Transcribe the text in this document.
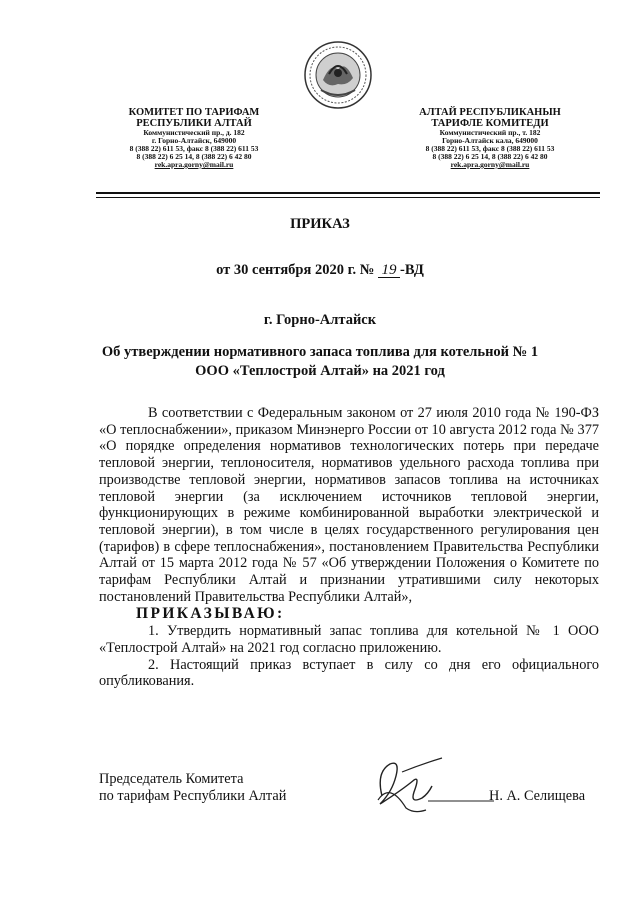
КОМИТЕТ ПО ТАРИФАМ
РЕСПУБЛИКИ АЛТАЙ
Коммунистический пр., д. 182
г. Горно-Алтайск, 649000
8 (388 22) 611 53, факс 8 (388 22) 611 53
8 (388 22) 6 25 14, 8 (388 22) 6 42 80
rek.apra.gorny@mail.ru
АЛТАЙ РЕСПУБЛИКАНЫН
ТАРИФЛЕ КОМИТЕДИ
Коммунистический пр., т. 182
Горно-Алтайск кала, 649000
8 (388 22) 611 53, факс 8 (388 22) 611 53
8 (388 22) 6 25 14, 8 (388 22) 6 42 80
rek.apra.gorny@mail.ru
ПРИКАЗ
от 30 сентября 2020 г. № 19 -ВД
г. Горно-Алтайск
Об утверждении нормативного запаса топлива для котельной № 1
ООО «Теплострой Алтай» на 2021 год

В соответствии с Федеральным законом от 27 июля 2010 года № 190-ФЗ «О теплоснабжении», приказом Минэнерго России от 10 августа 2012 года № 377 «О порядке определения нормативов технологических потерь при передаче тепловой энергии, теплоносителя, нормативов удельного расхода топлива при производстве тепловой энергии, нормативов запасов топлива на источниках тепловой энергии (за исключением источников тепловой энергии, функционирующих в режиме комбинированной выработки электрической и тепловой энергии), в том числе в целях государственного регулирования цен (тарифов) в сфере теплоснабжения», постановлением Правительства Республики Алтай от 15 марта 2012 года № 57 «Об утверждении Положения о Комитете по тарифам Республики Алтай и признании утратившими силу некоторых постановлений Правительства Республики Алтай»,

ПРИКАЗЫВАЮ:

1. Утвердить нормативный запас топлива для котельной № 1 ООО «Теплострой Алтай» на 2021 год согласно приложению.

2. Настоящий приказ вступает в силу со дня его официального опубликования.

Председатель Комитета
по тарифам Республики Алтай	Н. А. Селищева
